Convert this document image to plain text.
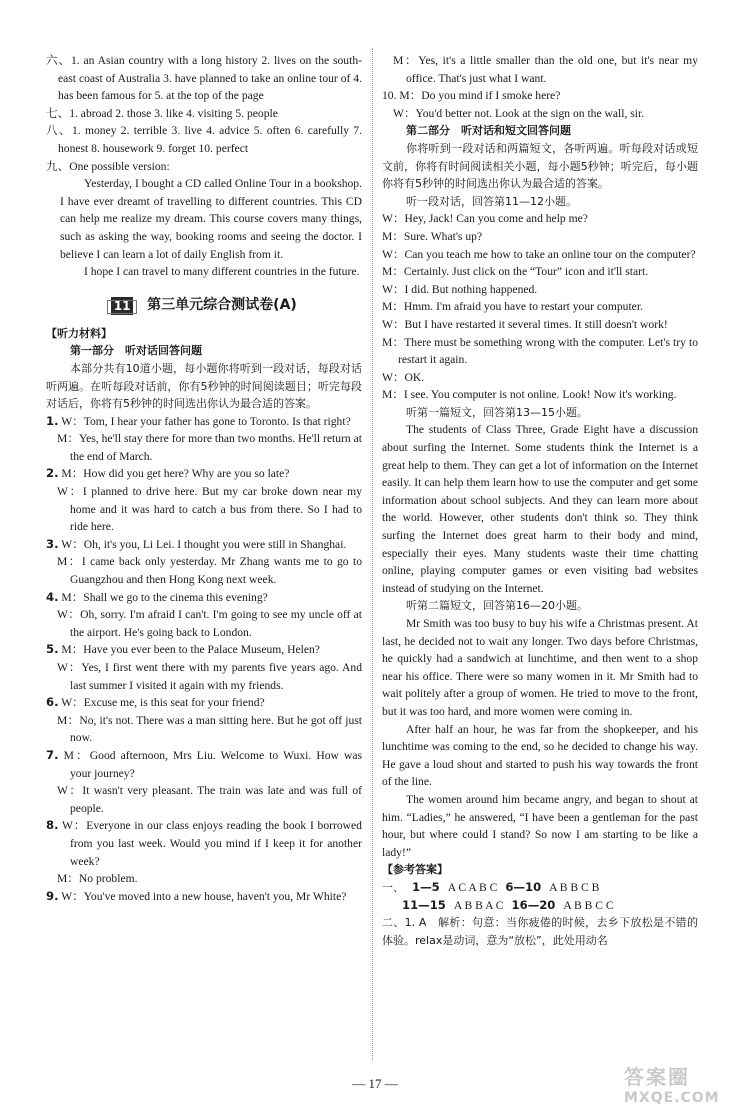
六、1. an Asian country with a long history 2. lives on the south-east coast of Australia 3. have planned to take an online tour of 4. has been famous for 5. at the top of the page

七、1. abroad 2. those 3. like 4. visiting 5. people

八、1. money 2. terrible 3. live 4. advice 5. often 6. carefully 7. honest 8. housework 9. forget 10. perfect

九、One possible version:

Yesterday, I bought a CD called Online Tour in a bookshop. I have ever dreamt of travelling to different countries. This CD can help me realize my dream. This course covers many things, such as asking the way, booking rooms and seeing the doctor. I believe I can learn a lot of daily English from it.

I hope I can travel to many different countries in the future.

11 第三单元综合测试卷(A)

【听力材料】

第一部分　听对话回答问题

本部分共有10道小题，每小题你将听到一段对话，每段对话听两遍。在听每段对话前，你有5秒钟的时间阅读题目；听完每段对话后，你将有5秒钟的时间选出你认为最合适的答案。

1. W：Tom, I hear your father has gone to Toronto. Is that right?

M：Yes, he'll stay there for more than two months. He'll return at the end of March.

2. M：How did you get here? Why are you so late?

W：I planned to drive here. But my car broke down near my home and it was hard to catch a bus from there. So I had to ride here.

3. W：Oh, it's you, Li Lei. I thought you were still in Shanghai.

M：I came back only yesterday. Mr Zhang wants me to go to Guangzhou and then Hong Kong next week.

4. M：Shall we go to the cinema this evening?

W：Oh, sorry. I'm afraid I can't. I'm going to see my uncle off at the airport. He's going back to London.

5. M：Have you ever been to the Palace Museum, Helen?

W：Yes, I first went there with my parents five years ago. And last summer I visited it again with my friends.

6. W：Excuse me, is this seat for your friend?

M：No, it's not. There was a man sitting here. But he got off just now.

7. M：Good afternoon, Mrs Liu. Welcome to Wuxi. How was your journey?

W：It wasn't very pleasant. The train was late and was full of people.

8. W：Everyone in our class enjoys reading the book I borrowed from you last week. Would you mind if I keep it for another week?

M：No problem.

9. W：You've moved into a new house, haven't you, Mr White?

M：Yes, it's a little smaller than the old one, but it's near my office. That's just what I want.

10. M：Do you mind if I smoke here?

W：You'd better not. Look at the sign on the wall, sir.

第二部分　听对话和短文回答问题

你将听到一段对话和两篇短文，各听两遍。听每段对话或短文前，你将有时间阅读相关小题，每小题5秒钟；听完后，每小题你将有5秒钟的时间选出你认为最合适的答案。

听一段对话，回答第11—12小题。

W：Hey, Jack! Can you come and help me?

M：Sure. What's up?

W：Can you teach me how to take an online tour on the computer?

M：Certainly. Just click on the “Tour” icon and it'll start.

W：I did. But nothing happened.

M：Hmm. I'm afraid you have to restart your computer.

W：But I have restarted it several times. It still doesn't work!

M：There must be something wrong with the computer. Let's try to restart it again.

W：OK.

M：I see. You computer is not online. Look! Now it's working.

听第一篇短文，回答第13—15小题。

The students of Class Three, Grade Eight have a discussion about surfing the Internet. Some students think the Internet is a great help to them. They can get a lot of information on the Internet easily. It can help them learn how to use the computer and get some information about school subjects. And they can learn more about the world. However, other students don't think so. They think surfing the Internet does great harm to their body and mind, especially their eyes. Many students waste their time chatting online, playing computer games or even visiting bad websites instead of studying on the Internet.

听第二篇短文，回答第16—20小题。

Mr Smith was too busy to buy his wife a Christmas present. At last, he decided not to wait any longer. Two days before Christmas, he quickly had a sandwich at lunchtime, and then went to a shop near his office. There were so many women in it. Mr Smith had to wait politely after a group of women. He tried to move to the front, but it was too hard, and more women were coming in.

After half an hour, he was far from the shopkeeper, and his lunchtime was coming to the end, so he decided to change his way. He gave a loud shout and started to push his way towards the front of the line.

The women around him became angry, and began to shout at him. “Ladies,” he answered, “I have been a gentleman for the past hour, but where could I stand? So now I am starting to be like a lady!”

【参考答案】

一、 1—5 A C A B C 6—10 A B B C B
11—15 A B B A C 16—20 A B B C C

二、1. A　解析：句意：当你疲倦的时候，去乡下放松是不错的体验。relax是动词，意为“放松”，此处用动名

— 17 —	答案圈
MXQE.COM
